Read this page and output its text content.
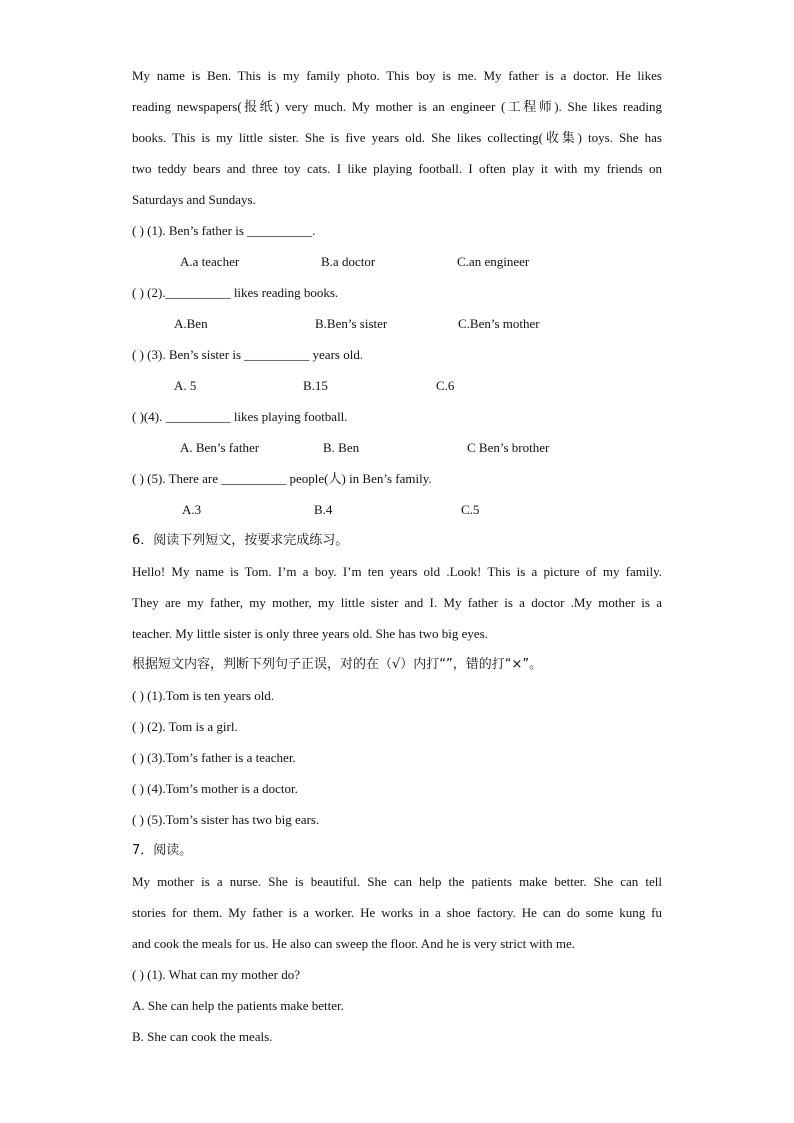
My name is Ben. This is my family photo. This boy is me. My father is a doctor. He likes
reading newspapers(报纸) very much. My mother is an engineer (工程师). She likes reading
books. This is my little sister. She is five years old. She likes collecting(收集) toys. She has
two teddy bears and three toy cats. I like playing football. I often play it with my friends on
Saturdays and Sundays.
( ) (1). Ben’s father is __________.
A.a teacher	B.a doctor	C.an engineer
( ) (2).__________ likes reading books.
A.Ben	B.Ben’s sister	C.Ben’s mother
( ) (3). Ben’s sister is __________ years old.
A. 5	B.15	C.6
( )(4). __________ likes playing football.
A. Ben’s father	B. Ben	C Ben’s brother
( ) (5). There are __________ people(人) in Ben’s family.
A.3	B.4	C.5
6．阅读下列短文，按要求完成练习。
Hello! My name is Tom. I’m a boy. I’m ten years old .Look! This is a picture of my family.
They are my father, my mother, my little sister and I. My father is a doctor .My mother is a
teacher. My little sister is only three years old. She has two big eyes.
根据短文内容，判断下列句子正误，对的在（√）内打“”，错的打“×”。
( ) (1).Tom is ten years old.
( ) (2). Tom is a girl.
( ) (3).Tom’s father is a teacher.
( ) (4).Tom’s mother is a doctor.
( ) (5).Tom’s sister has two big ears.
7．阅读。
My mother is a nurse. She is beautiful. She can help the patients make better. She can tell
stories for them. My father is a worker. He works in a shoe factory. He can do some kung fu
and cook the meals for us. He also can sweep the floor. And he is very strict with me.
( ) (1). What can my mother do?
A. She can help the patients make better.
B. She can cook the meals.
